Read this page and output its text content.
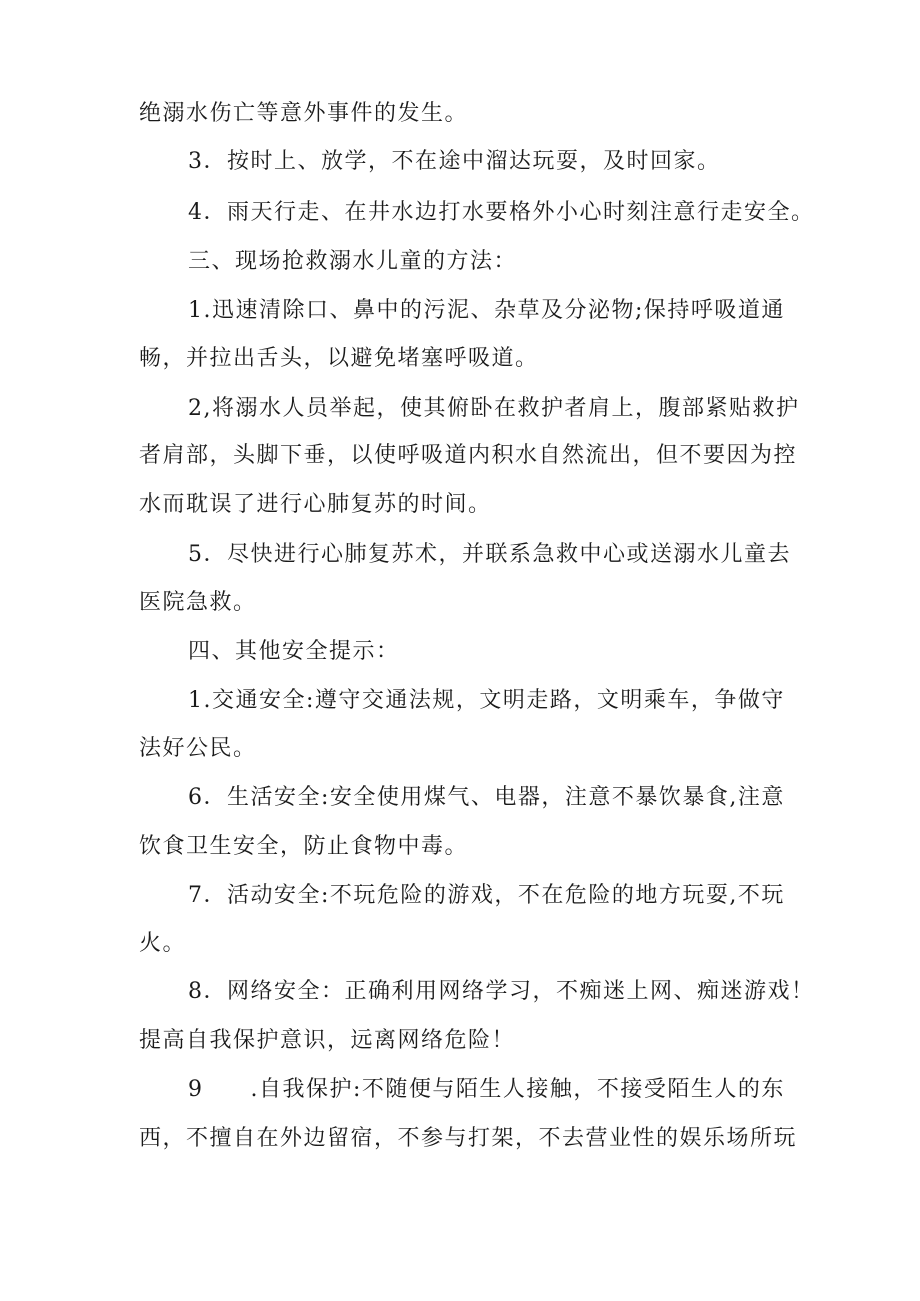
绝溺水伤亡等意外事件的发生。
3．按时上、放学，不在途中溜达玩耍，及时回家。
4．雨天行走、在井水边打水要格外小心时刻注意行走安全。
三、现场抢救溺水儿童的方法：
1.迅速清除口、鼻中的污泥、杂草及分泌物;保持呼吸道通
畅，并拉出舌头，以避免堵塞呼吸道。
2,将溺水人员举起，使其俯卧在救护者肩上，腹部紧贴救护
者肩部，头脚下垂，以使呼吸道内积水自然流出，但不要因为控
水而耽误了进行心肺复苏的时间。
5．尽快进行心肺复苏术，并联系急救中心或送溺水儿童去
医院急救。
四、其他安全提示：
1.交通安全:遵守交通法规，文明走路，文明乘车，争做守
法好公民。
6．生活安全:安全使用煤气、电器，注意不暴饮暴食,注意
饮食卫生安全，防止食物中毒。
7．活动安全:不玩危险的游戏，不在危险的地方玩耍,不玩
火。
8．网络安全：正确利用网络学习，不痴迷上网、痴迷游戏！
提高自我保护意识，远离网络危险！
9　　.自我保护:不随便与陌生人接触，不接受陌生人的东
西，不擅自在外边留宿，不参与打架，不去营业性的娱乐场所玩
